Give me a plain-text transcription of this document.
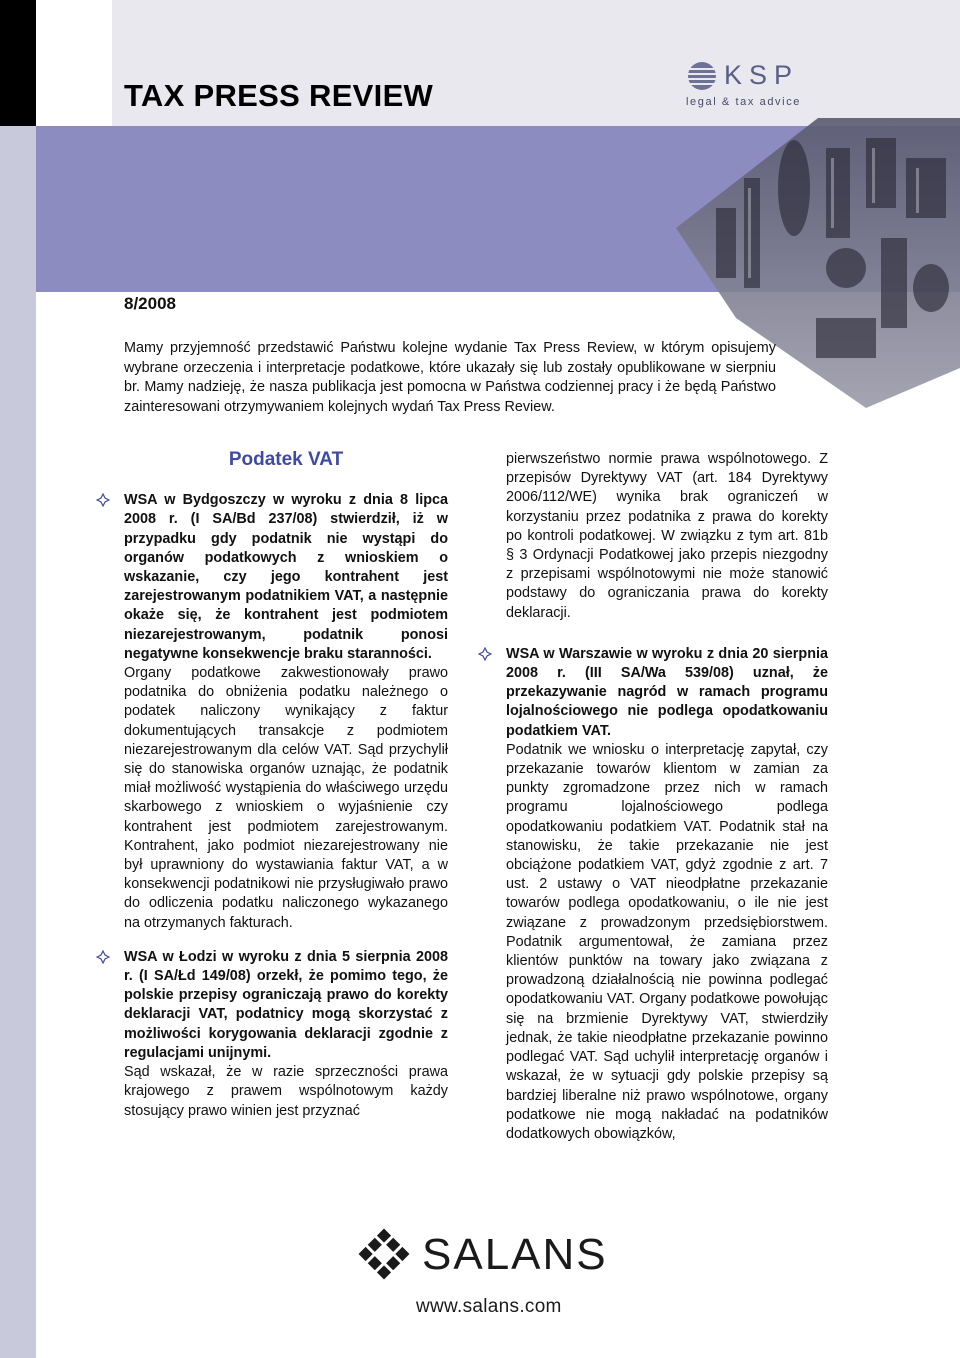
TAX PRESS REVIEW
KSP
legal & tax advice
8/2008

Mamy przyjemność przedstawić Państwu kolejne wydanie Tax Press Review, w którym opisujemy wybrane orzeczenia i interpretacje podatkowe, które ukazały się lub zostały opublikowane w sierpniu br. Mamy nadzieję, że nasza publikacja jest pomocna w Państwa codziennej pracy i że będą Państwo zainteresowani otrzymywaniem kolejnych wydań Tax Press Review.

Podatek VAT

WSA w Bydgoszczy w wyroku z dnia 8 lipca 2008 r. (I SA/Bd 237/08) stwierdził, iż w przypadku gdy podatnik nie wystąpi do organów podatkowych z wnioskiem o wskazanie, czy jego kontrahent jest zarejestrowanym podatnikiem VAT, a następnie okaże się, że kontrahent jest podmiotem niezarejestrowanym, podatnik ponosi negatywne konsekwencje braku staranności.

Organy podatkowe zakwestionowały prawo podatnika do obniżenia podatku należnego o podatek naliczony wynikający z faktur dokumentujących transakcje z podmiotem niezarejestrowanym dla celów VAT. Sąd przychylił się do stanowiska organów uznając, że podatnik miał możliwość wystąpienia do właściwego urzędu skarbowego z wnioskiem o wyjaśnienie czy kontrahent jest podmiotem zarejestrowanym. Kontrahent, jako podmiot niezarejestrowany nie był uprawniony do wystawiania faktur VAT, a w konsekwencji podatnikowi nie przysługiwało prawo do odliczenia podatku naliczonego wykazanego na otrzymanych fakturach.

WSA w Łodzi w wyroku z dnia 5 sierpnia 2008 r. (I SA/Łd 149/08) orzekł, że pomimo tego, że polskie przepisy ograniczają prawo do korekty deklaracji VAT, podatnicy mogą skorzystać z możliwości korygowania deklaracji zgodnie z regulacjami unijnymi.

Sąd wskazał, że w razie sprzeczności prawa krajowego z prawem wspólnotowym każdy stosujący prawo winien jest przyznać

pierwszeństwo normie prawa wspólnotowego. Z przepisów Dyrektywy VAT (art. 184 Dyrektywy 2006/112/WE) wynika brak ograniczeń w korzystaniu przez podatnika z prawa do korekty po kontroli podatkowej. W związku z tym art. 81b § 3 Ordynacji Podatkowej jako przepis niezgodny z przepisami wspólnotowymi nie może stanowić podstawy do ograniczania prawa do korekty deklaracji.

WSA w Warszawie w wyroku z dnia 20 sierpnia 2008 r. (III SA/Wa 539/08) uznał, że przekazywanie nagród w ramach programu lojalnościowego nie podlega opodatkowaniu podatkiem VAT.

Podatnik we wniosku o interpretację zapytał, czy przekazanie towarów klientom w zamian za punkty zgromadzone przez nich w ramach programu lojalnościowego podlega opodatkowaniu podatkiem VAT. Podatnik stał na stanowisku, że takie przekazanie nie jest obciążone podatkiem VAT, gdyż zgodnie z art. 7 ust. 2 ustawy o VAT nieodpłatne przekazanie towarów podlega opodatkowaniu, o ile nie jest związane z prowadzonym przedsiębiorstwem. Podatnik argumentował, że zamiana przez klientów punktów na towary jako związana z prowadzoną działalnością nie powinna podlegać opodatkowaniu VAT. Organy podatkowe powołując się na brzmienie Dyrektywy VAT, stwierdziły jednak, że takie nieodpłatne przekazanie powinno podlegać VAT. Sąd uchylił interpretację organów i wskazał, że w sytuacji gdy polskie przepisy są bardziej liberalne niż prawo wspólnotowe, organy podatkowe nie mogą nakładać na podatników dodatkowych obowiązków,

SALANS
www.salans.com
